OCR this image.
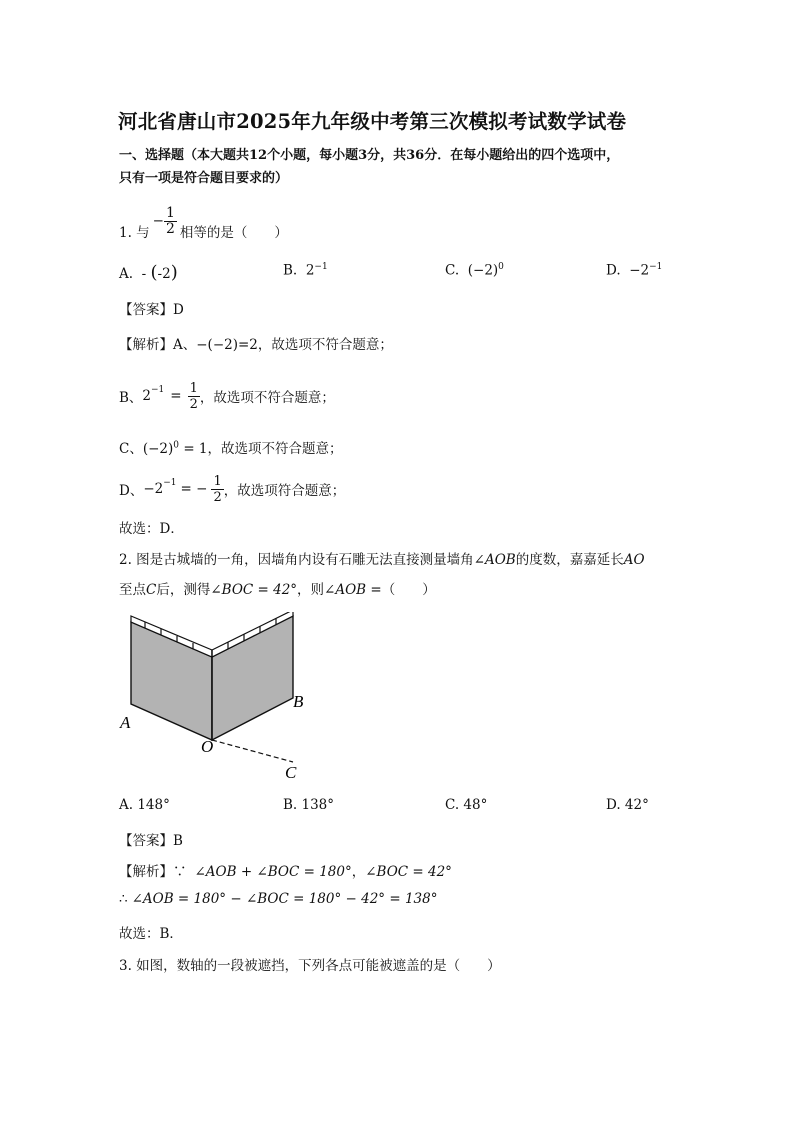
河北省唐山市2025年九年级中考第三次模拟考试数学试卷
一、选择题（本大题共12个小题，每小题3分，共36分．在每小题给出的四个选项中，
只有一项是符合题目要求的）
1. 与
− $\frac{1}{2}$ 相等的是（　　）
A. - (-2)	B. $2^{-1}$	C. $(-2)^0$	D. $-2^{-1}$
【答案】D
【解析】A、−(−2)=2，故选项不符合题意；
B、 $2^{-1} = \frac{1}{2}$ ，故选项不符合题意；
C、$(-2)^0 = 1$，故选项不符合题意；
D、 $-2^{-1}$ = − $\frac{1}{2}$ ，故选项符合题意；
故选：D．
2. 图是古城墙的一角，因墙角内设有石雕无法直接测量墙角∠AOB的度数，嘉嘉延长AO
至点C后，测得∠BOC = 42°，则∠AOB =（　　）
A
B
O
C
A. 148°	B. 138°	C. 48°	D. 42°
【答案】B
【解析】∵ ∠AOB + ∠BOC = 180°，∠BOC = 42°
∴ ∠AOB = 180° − ∠BOC = 180° − 42° = 138°
故选：B．
3. 如图，数轴的一段被遮挡，下列各点可能被遮盖的是（　　）
